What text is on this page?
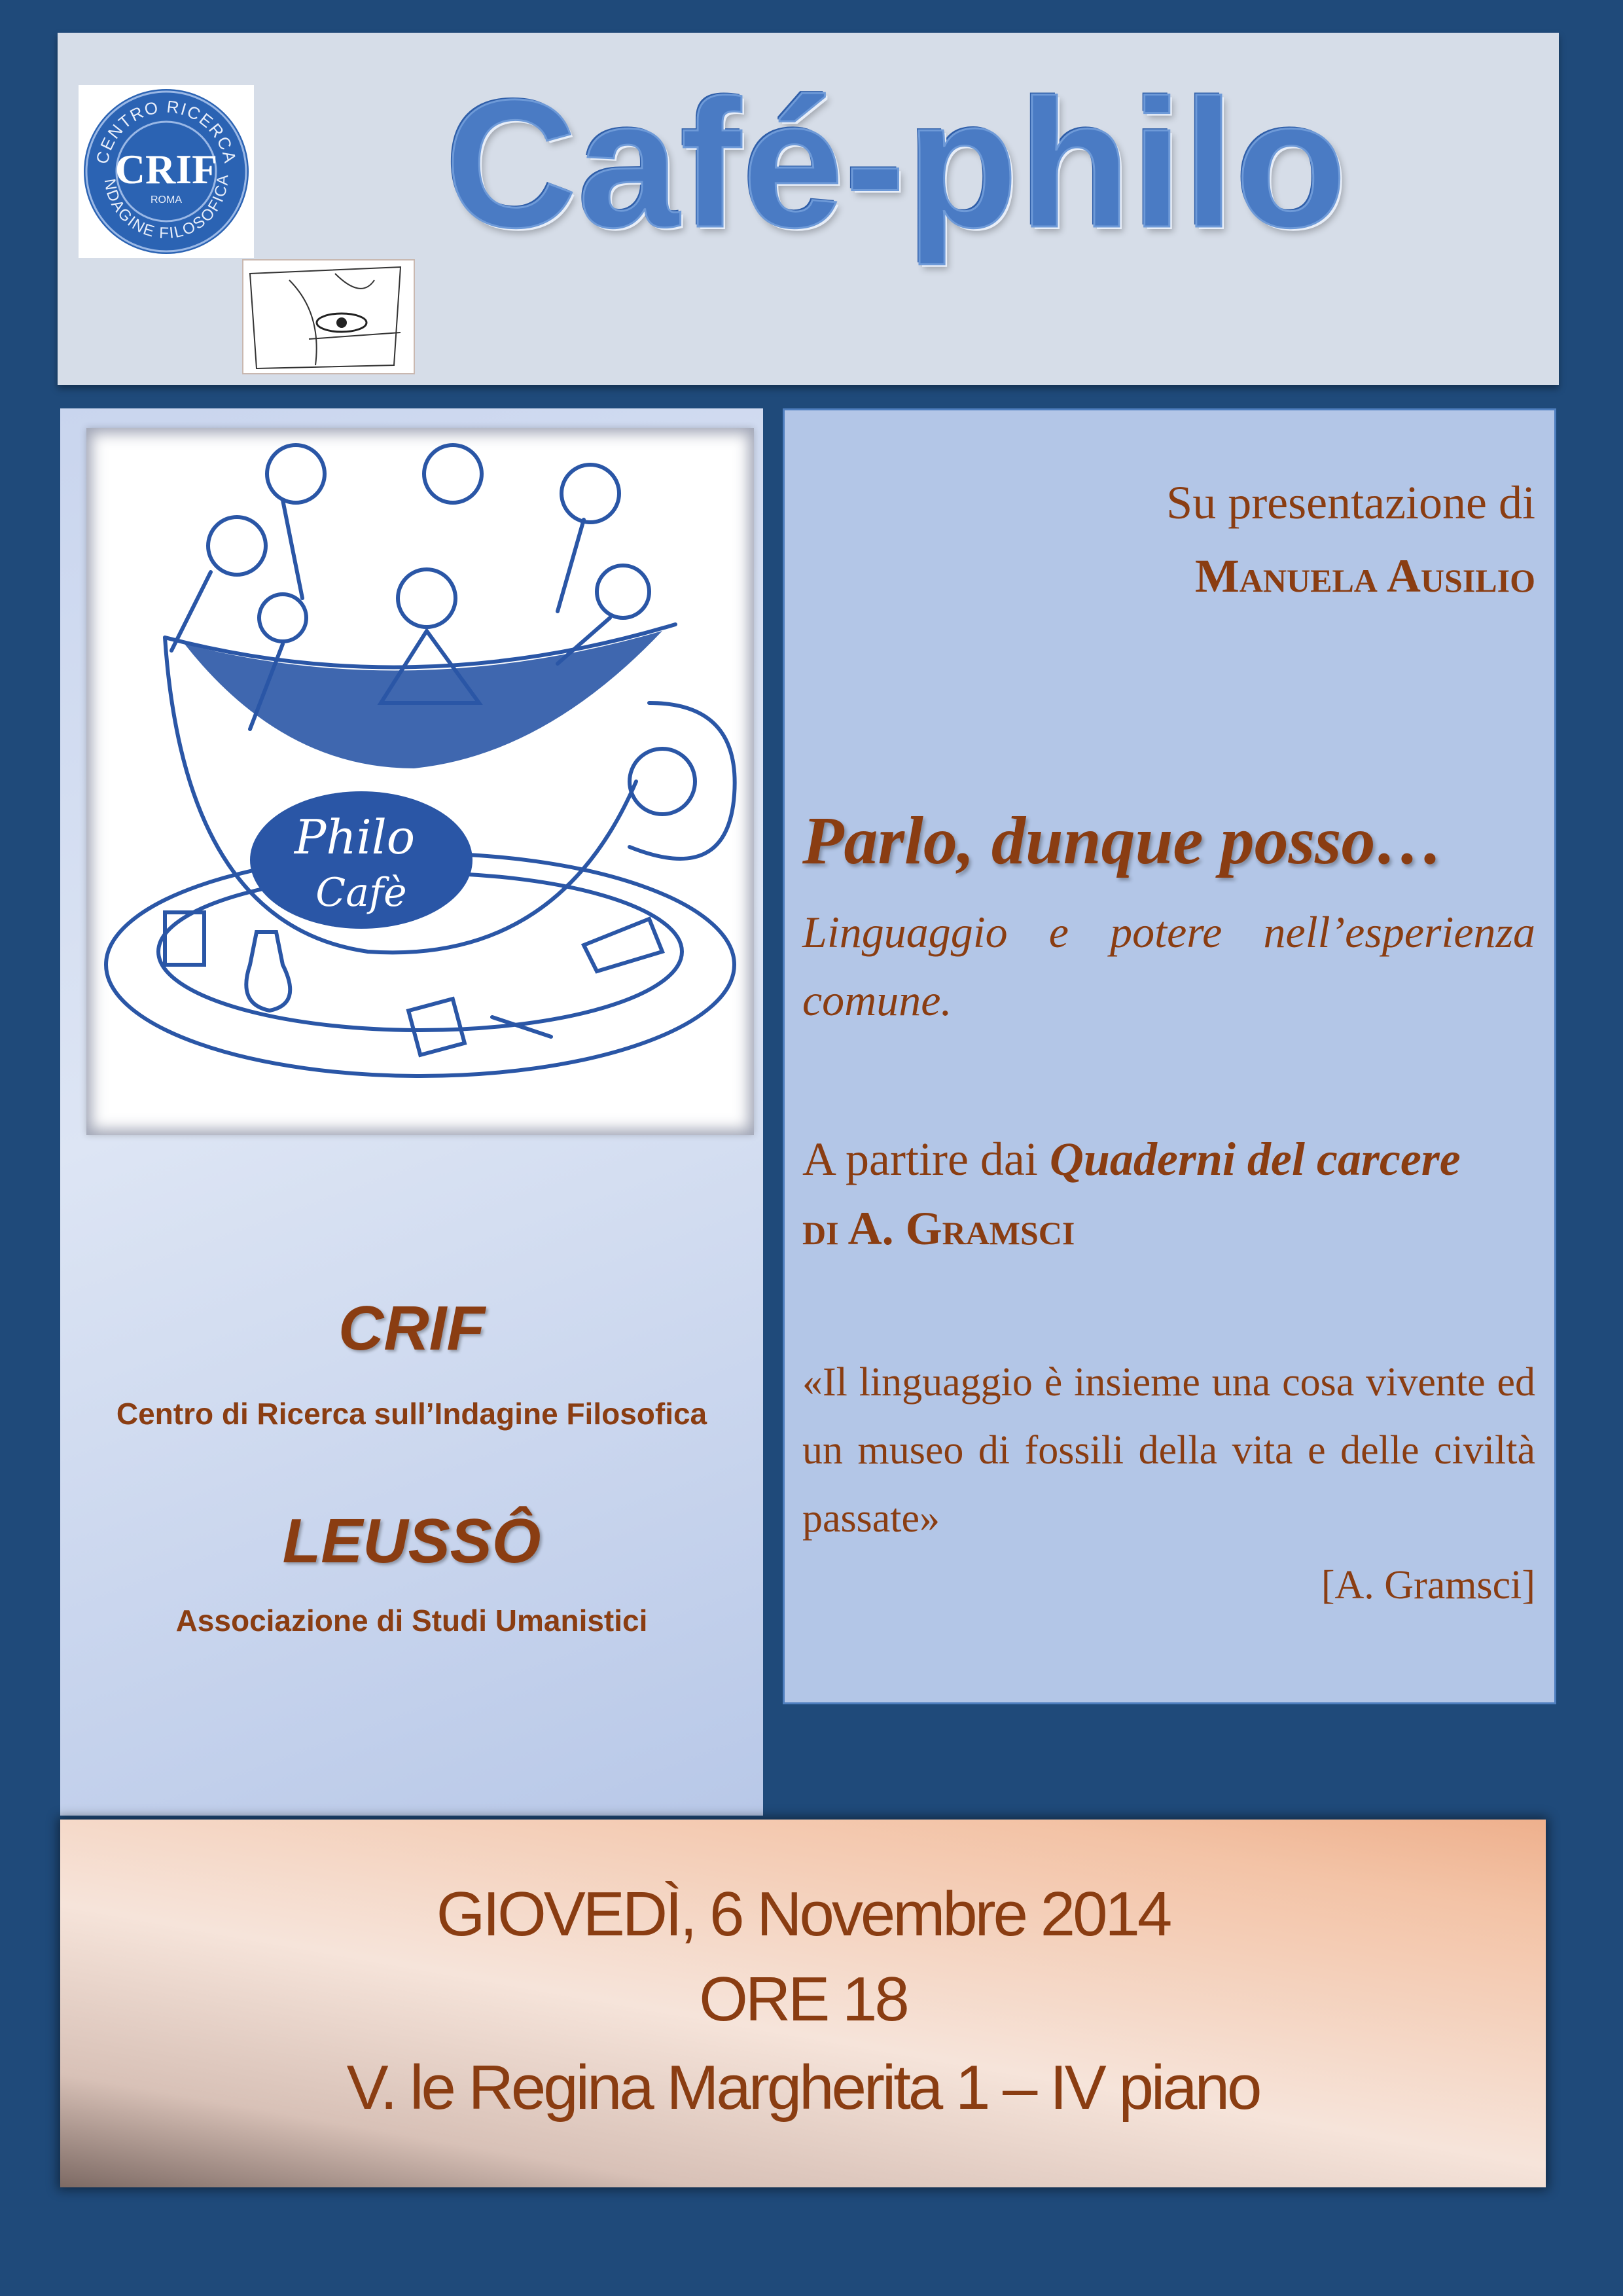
CENTRO RICERCA
NDAGINE FILOSOFICA
CRIF
ROMA	Café-philo
Philo
Cafè
CRIF
Centro di Ricerca sull’Indagine Filosofica
LEUSSÔ
Associazione di Studi Umanistici
Su presentazione di
Manuela Ausilio
Parlo, dunque posso…
Linguaggio e potere nell’esperienza comune.
A partire dai Quaderni del carcere
di A. Gramsci
«Il linguaggio è insieme una cosa vivente ed un museo di fossili della vita e delle civiltà passate»
[A. Gramsci]
GIOVEDÌ, 6 Novembre 2014
ORE 18
V. le Regina Margherita 1 – IV piano
